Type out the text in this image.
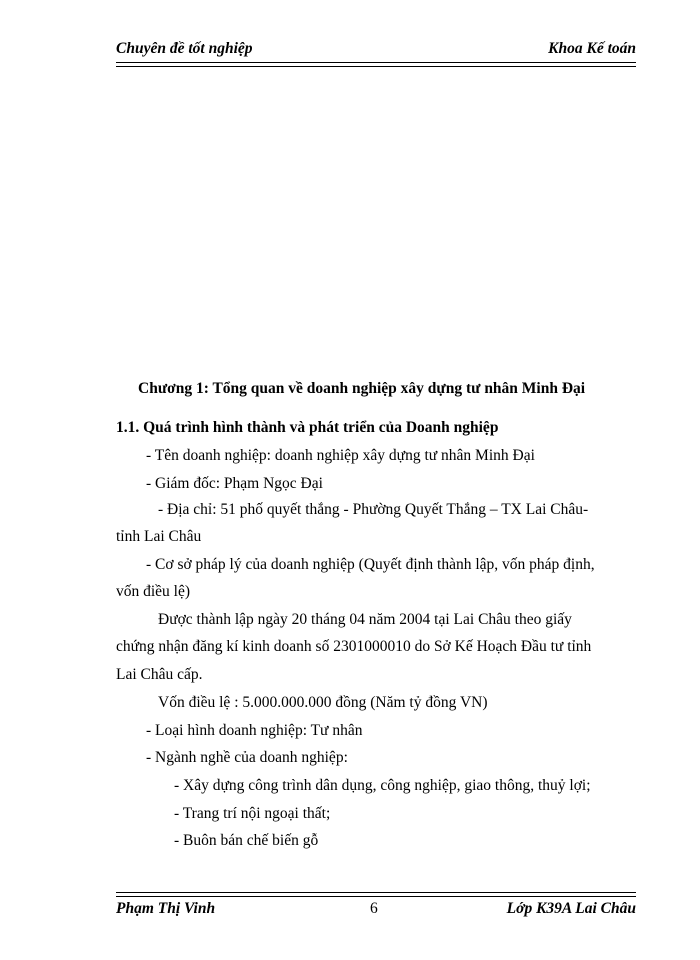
Chuyên đề tốt nghiệp	Khoa Kế toán
Chương 1: Tổng quan về doanh nghiệp xây dựng tư nhân Minh Đại
1.1. Quá trình hình thành và phát triển của Doanh nghiệp
- Tên doanh nghiệp: doanh nghiệp xây dựng tư nhân Minh Đại
- Giám đốc: Phạm Ngọc Đại
- Địa chỉ: 51 phố quyết thắng - Phường Quyết Thắng – TX Lai Châu-
tỉnh Lai Châu
- Cơ sở pháp lý của doanh nghiệp (Quyết định thành lập, vốn pháp định,
vốn điều lệ)
Được thành lập ngày 20 tháng 04 năm 2004 tại Lai Châu theo giấy
chứng nhận đăng kí kinh doanh số 2301000010 do Sở Kế Hoạch Đầu tư tỉnh
Lai Châu cấp.
Vốn điều lệ : 5.000.000.000 đồng (Năm tỷ đồng VN)
- Loại hình doanh nghiệp: Tư nhân
- Ngành nghề của doanh nghiệp:
- Xây dựng công trình dân dụng, công nghiệp, giao thông, thuỷ lợi;
- Trang trí nội ngoại thất;
- Buôn bán chế biến gỗ
Phạm Thị Vinh	6	Lớp K39A Lai Châu
